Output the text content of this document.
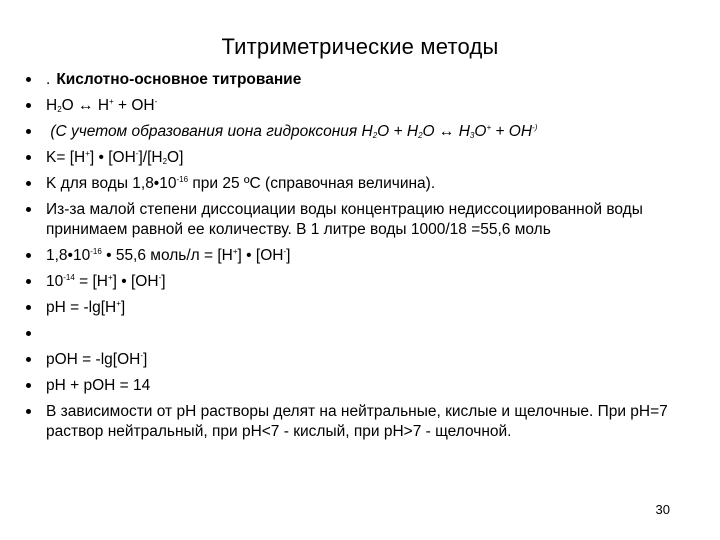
Титриметрические методы
. Кислотно-основное титрование
$H_2O$ ↔ H+ + OH-
(С учетом образования иона гидроксония $H_2O + H_2O$ ↔ $H_3O^+ + OH^{-)}$
K= [H+] • $[OH^-]/[H_2O]$
K для воды $1,8•10^{-16}$ при 25 ºC (справочная величина).
Из-за малой степени диссоциации воды концентрацию недиссоциированной воды принимаем равной ее количеству. В 1 литре воды 1000/18 =55,6 моль
$1,8•10^{-16}$ • 55,6 моль/л = [H+] • [OH-]
$10^{-14} = [H^+]$ • [OH-]
pH = -lg[H+]

pOH = -lg[OH-]
pH + pOH = 14
В зависимости от pH растворы делят на нейтральные, кислые и щелочные. При pH=7 раствор нейтральный, при pH<7 - кислый, при pH>7 - щелочной.
30
